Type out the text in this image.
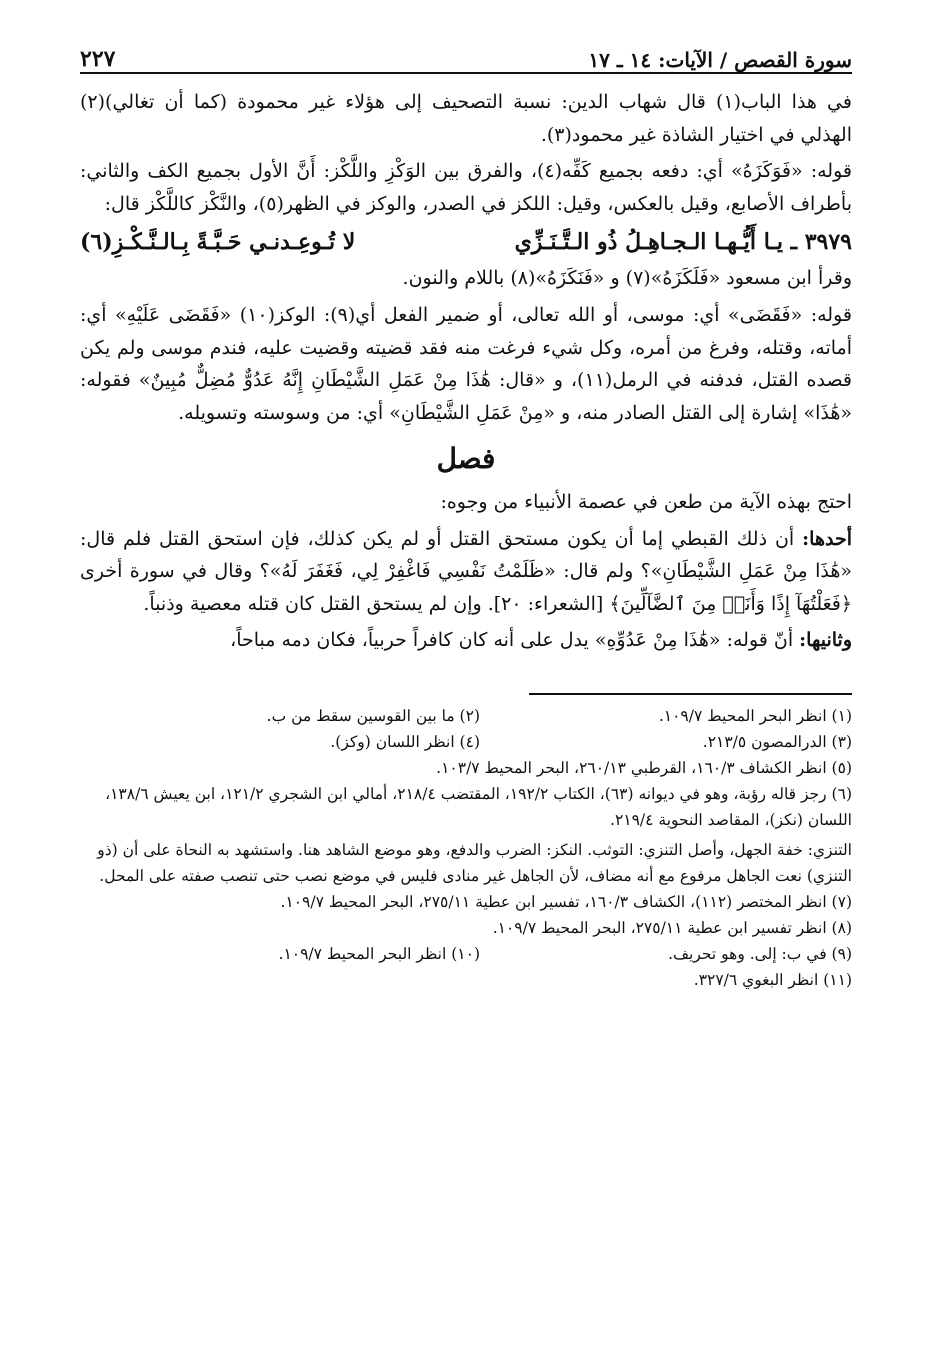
سورة القصص / الآيات: ١٤ ـ ١٧
٢٢٧

في هذا الباب(١) قال شهاب الدين: نسبة التصحيف إلى هؤلاء غير محمودة (كما أن تغالي)(٢) الهذلي في اختيار الشاذة غير محمود(٣).

قوله: «فَوَكَزَهُ» أي: دفعه بجميع كَفِّه(٤)، والفرق بين الوَكْزِ واللَّكْز: أَنَّ الأول بجميع الكف والثاني: بأطراف الأصابع، وقيل بالعكس، وقيل: اللكز في الصدر، والوكز في الظهر(٥)، والنَّكْز كاللَّكْز قال:

٣٩٧٩ ـ يـا أَيُّـهـا الـجـاهِـلُ ذُو الـتَّـنَـزِّي
لا تُـوعِـدنـي حَـبَّـةً بِـالـنَّـكْـزِ(٦)

وقرأ ابن مسعود «فَلَكَزَهُ»(٧) و «فَنَكَزَهُ»(٨) باللام والنون.

قوله: «فَقَضَى» أي: موسى، أو الله تعالى، أو ضمير الفعل أي(٩): الوكز(١٠) «فَقَضَى عَلَيْهِ» أي: أماته، وقتله، وفرغ من أمره، وكل شيء فرغت منه فقد قضيته وقضيت عليه، فندم موسى ولم يكن قصده القتل، فدفنه في الرمل(١١)، و «قال: هَٰذَا مِنْ عَمَلِ الشَّيْطَانِ إِنَّهُ عَدُوٌّ مُضِلٌّ مُبِينٌ» فقوله: «هَٰذَا» إشارة إلى القتل الصادر منه، و «مِنْ عَمَلِ الشَّيْطَانِ» أي: من وسوسته وتسويله.

فصل

احتج بهذه الآية من طعن في عصمة الأنبياء من وجوه:

أحدها: أن ذلك القبطي إما أن يكون مستحق القتل أو لم يكن كذلك، فإن استحق القتل فلم قال: «هَٰذَا مِنْ عَمَلِ الشَّيْطَانِ»؟ ولم قال: «ظَلَمْتُ نَفْسِي فَاغْفِرْ لِي، فَغَفَرَ لَهُ»؟ وقال في سورة أخرى ﴿فَعَلْتُهَآ إِذًا وَأَنَا۠ مِنَ ٱلضَّآلِّينَ﴾ [الشعراء: ٢٠]. وإن لم يستحق القتل كان قتله معصية وذنباً.

وثانيها: أنّ قوله: «هَٰذَا مِنْ عَدُوِّهِ» يدل على أنه كان كافراً حربياً، فكان دمه مباحاً،

(١) انظر البحر المحيط ١٠٩/٧.
(٢) ما بين القوسين سقط من ب.
(٣) الدرالمصون ٢١٣/٥.
(٤) انظر اللسان (وكز).
(٥) انظر الكشاف ١٦٠/٣، القرطبي ٢٦٠/١٣، البحر المحيط ١٠٣/٧.
(٦) رجز قاله رؤبة، وهو في ديوانه (٦٣)، الكتاب ١٩٢/٢، المقتضب ٢١٨/٤، أمالي ابن الشجري ١٢١/٢، ابن يعيش ١٣٨/٦، اللسان (نكز)، المقاصد النحوية ٢١٩/٤.
التنزي: خفة الجهل، وأصل التنزي: التوثب. النكز: الضرب والدفع، وهو موضع الشاهد هنا. واستشهد به النحاة على أن (ذو التنزي) نعت الجاهل مرفوع مع أنه مضاف، لأن الجاهل غير منادى فليس في موضع نصب حتى تنصب صفته على المحل.
(٧) انظر المختصر (١١٢)، الكشاف ١٦٠/٣، تفسير ابن عطية ٢٧٥/١١، البحر المحيط ١٠٩/٧.
(٨) انظر تفسير ابن عطية ٢٧٥/١١، البحر المحيط ١٠٩/٧.
(٩) في ب: إلى. وهو تحريف.
(١٠) انظر البحر المحيط ١٠٩/٧.
(١١) انظر البغوي ٣٢٧/٦.
